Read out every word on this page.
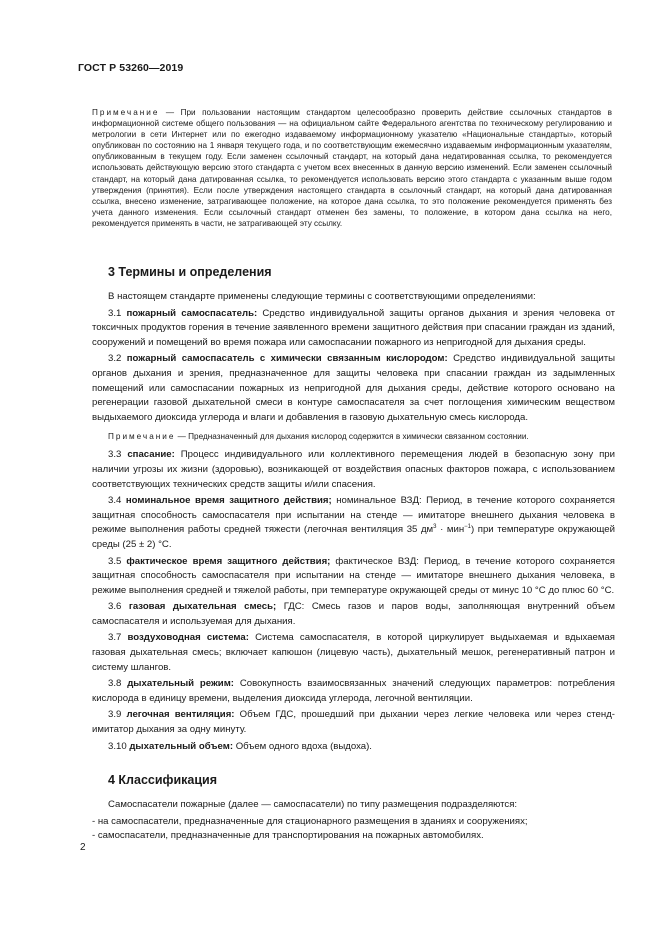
ГОСТ Р 53260—2019

Примечание — При пользовании настоящим стандартом целесообразно проверить действие ссылочных стандартов в информационной системе общего пользования — на официальном сайте Федерального агентства по техническому регулированию и метрологии в сети Интернет или по ежегодно издаваемому информационному указателю «Национальные стандарты», который опубликован по состоянию на 1 января текущего года, и по соответствующим ежемесячно издаваемым информационным указателям, опубликованным в текущем году. Если заменен ссылочный стандарт, на который дана недатированная ссылка, то рекомендуется использовать действующую версию этого стандарта с учетом всех внесенных в данную версию изменений. Если заменен ссылочный стандарт, на который дана датированная ссылка, то рекомендуется использовать версию этого стандарта с указанным выше годом утверждения (принятия). Если после утверждения настоящего стандарта в ссылочный стандарт, на который дана датированная ссылка, внесено изменение, затрагивающее положение, на которое дана ссылка, то это положение рекомендуется применять без учета данного изменения. Если ссылочный стандарт отменен без замены, то положение, в котором дана ссылка на него, рекомендуется применять в части, не затрагивающей эту ссылку.

3 Термины и определения

В настоящем стандарте применены следующие термины с соответствующими определениями:

3.1 пожарный самоспасатель: Средство индивидуальной защиты органов дыхания и зрения человека от токсичных продуктов горения в течение заявленного времени защитного действия при спасании граждан из зданий, сооружений и помещений во время пожара или самоспасании пожарного из непригодной для дыхания среды.

3.2 пожарный самоспасатель с химически связанным кислородом: Средство индивидуальной защиты органов дыхания и зрения, предназначенное для защиты человека при спасании граждан из задымленных помещений или самоспасании пожарных из непригодной для дыхания среды, действие которого основано на регенерации газовой дыхательной смеси в контуре самоспасателя за счет поглощения химическим веществом выдыхаемого диоксида углерода и влаги и добавления в газовую дыхательную смесь кислорода.

Примечание — Предназначенный для дыхания кислород содержится в химически связанном состоянии.

3.3 спасание: Процесс индивидуального или коллективного перемещения людей в безопасную зону при наличии угрозы их жизни (здоровью), возникающей от воздействия опасных факторов пожара, с использованием соответствующих технических средств защиты и/или спасения.

3.4 номинальное время защитного действия; номинальное ВЗД: Период, в течение которого сохраняется защитная способность самоспасателя при испытании на стенде — имитаторе внешнего дыхания человека в режиме выполнения работы средней тяжести (легочная вентиляция 35 $дм^3 \cdot мин^{-1}$) при температуре окружающей среды (25 ± 2) °С.

3.5 фактическое время защитного действия; фактическое ВЗД: Период, в течение которого сохраняется защитная способность самоспасателя при испытании на стенде — имитаторе внешнего дыхания человека, в режиме выполнения средней и тяжелой работы, при температуре окружающей среды от минус 10 °С до плюс 60 °С.

3.6 газовая дыхательная смесь; ГДС: Смесь газов и паров воды, заполняющая внутренний объем самоспасателя и используемая для дыхания.

3.7 воздуховодная система: Система самоспасателя, в которой циркулирует выдыхаемая и вдыхаемая газовая дыхательная смесь; включает капюшон (лицевую часть), дыхательный мешок, регенеративный патрон и систему шлангов.

3.8 дыхательный режим: Совокупность взаимосвязанных значений следующих параметров: потребления кислорода в единицу времени, выделения диоксида углерода, легочной вентиляции.

3.9 легочная вентиляция: Объем ГДС, прошедший при дыхании через легкие человека или через стенд-имитатор дыхания за одну минуту.

3.10 дыхательный объем: Объем одного вдоха (выдоха).

4 Классификация

Самоспасатели пожарные (далее — самоспасатели) по типу размещения подразделяются:

- на самоспасатели, предназначенные для стационарного размещения в зданиях и сооружениях;

- самоспасатели, предназначенные для транспортирования на пожарных автомобилях.

2
